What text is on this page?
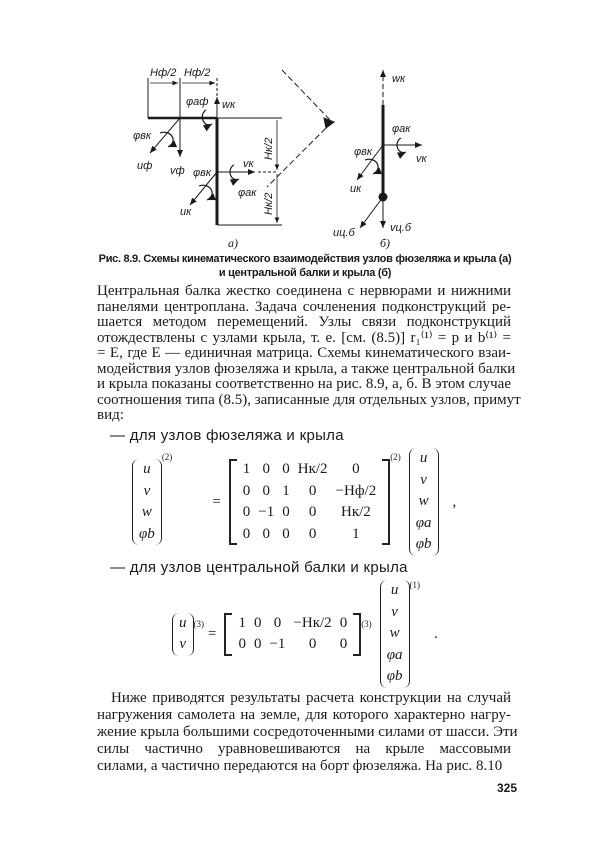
Hф/2 Hф/2
φаф wк
φвк
uф vф
Hк/2
Hк/2
φвк
vк
φак
uк
wк
φак
φвк
vк
uк
uц.б	vц.б
а)	б)
Рис. 8.9. Схемы кинематического взаимодействия узлов фюзеляжа и крыла (а)
и центральной балки и крыла (б)
Центральная балка жестко соединена с нервюрами и нижними
панелями центроплана. Задача сочленения подконструкций ре-
шается методом перемещений. Узлы связи подконструкций
отождествлены с узлами крыла, т. е. [см. (8.5)] r₁⁽¹⁾ = p и b⁽¹⁾ =
= E, где E — единичная матрица. Схемы кинематического взаи-
модействия узлов фюзеляжа и крыла, а также центральной балки
и крыла показаны соответственно на рис. 8.9, а, б. В этом случае
соотношения типа (8.5), записанные для отдельных узлов, примут
вид:
— для узлов фюзеляжа и крыла
u
v
w
φb
$^{(2)}$
=
1 0 0 Hк/2	0
0 0 1	0	−Hф/2
0 −1 0	0	Hк/2
0 0 0	0	1
$^{(2)}$ u
v
w
φa
φb
,
— для узлов центральной балки и крыла
u
v
$^{(3)}$
=
1 0 0 −Hк/2 0
0 0 −1	0	0
$^{(3)}$
u
v
w
φa
φb
$^{(1)}$
.
Ниже приводятся результаты расчета конструкции на случай
нагружения самолета на земле, для которого характерно нагру-
жение крыла большими сосредоточенными силами от шасси. Эти
силы частично уравновешиваются на крыле массовыми
силами, а частично передаются на борт фюзеляжа. На рис. 8.10
325
